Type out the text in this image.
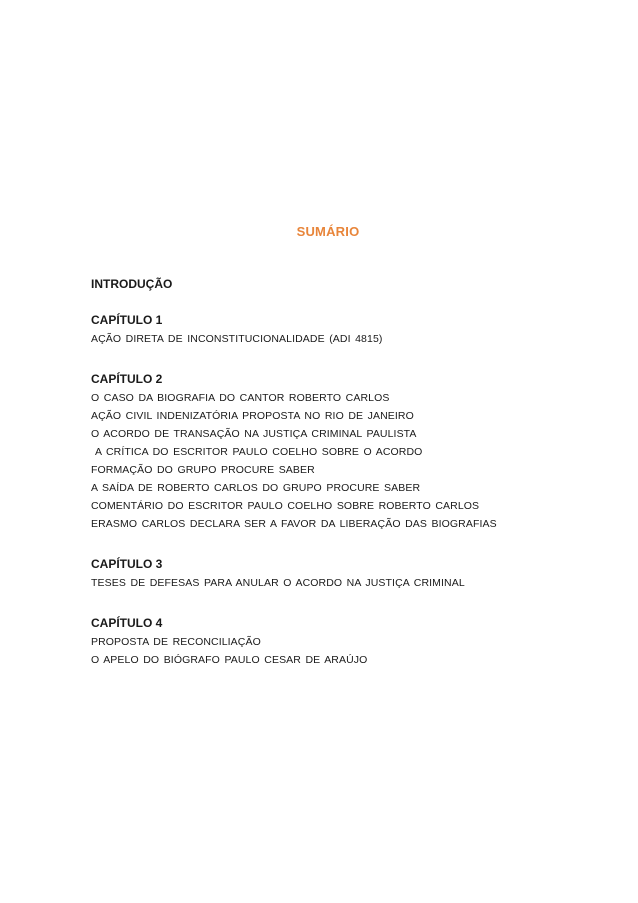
SUMÁRIO
INTRODUÇÃO
CAPÍTULO 1
AÇÃO DIRETA DE INCONSTITUCIONALIDADE (ADI 4815)
CAPÍTULO 2
O CASO DA BIOGRAFIA DO CANTOR ROBERTO CARLOS
AÇÃO CIVIL INDENIZATÓRIA PROPOSTA NO RIO DE JANEIRO
O ACORDO DE TRANSAÇÃO NA JUSTIÇA CRIMINAL PAULISTA
A CRÍTICA DO ESCRITOR PAULO COELHO SOBRE O ACORDO
FORMAÇÃO DO GRUPO PROCURE SABER
A SAÍDA DE ROBERTO CARLOS DO GRUPO PROCURE SABER
COMENTÁRIO DO ESCRITOR PAULO COELHO SOBRE ROBERTO CARLOS
ERASMO CARLOS DECLARA SER A FAVOR DA LIBERAÇÃO DAS BIOGRAFIAS
CAPÍTULO 3
TESES DE DEFESAS PARA ANULAR O ACORDO NA JUSTIÇA CRIMINAL
CAPÍTULO 4
PROPOSTA DE RECONCILIAÇÃO
O APELO DO BIÓGRAFO PAULO CESAR DE ARAÚJO
